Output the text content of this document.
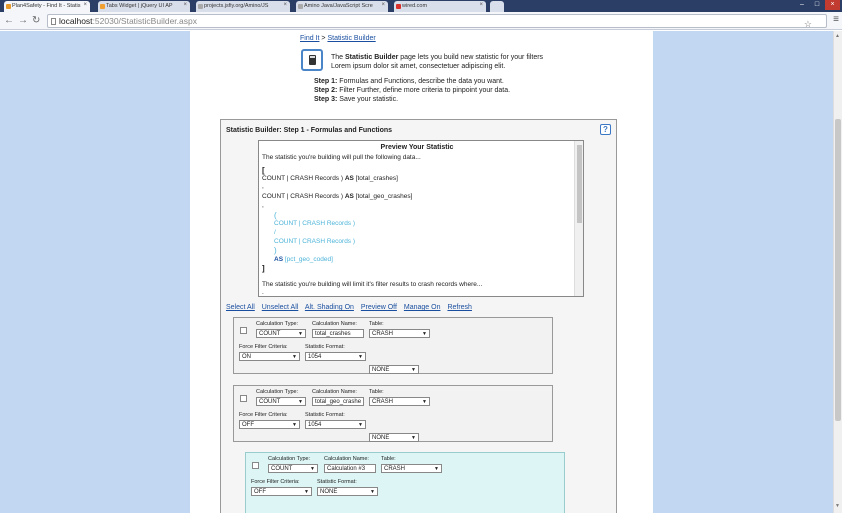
Plan4Safety - Find It - Statis ×	Tabs Widget | jQuery UI AP ×	projects.jsfiy.org/Amino/JS	×	Amino Java/JavaScript Scre ×	wired.com	×	–	□	×
← → ↻	localhost:52030/StatisticBuilder.aspx	☆ ≡
Find It > Statistic Builder
The Statistic Builder page lets you build new statistic for your filters Lorem ipsum dolor sit amet, consectetuer adipiscing elit.
Step 1: Formulas and Functions, describe the data you want.
Step 2: Filter Further, define more criteria to pinpoint your data.
Step 3: Save your statistic.
Statistic Builder: Step 1 - Formulas and Functions	?
Preview Your Statistic
The statistic you're building will pull the following data...
[
COUNT | CRASH Records ) AS [total_crashes]
,
COUNT | CRASH Records ) AS [total_geo_crashes]
,
(
COUNT | CRASH Records )
/
COUNT | CRASH Records )
)
AS [pct_geo_coded]
]
The statistic you're building will limit it's filter results to crash records where...
.
Select All Unselect All Alt. Shading On Preview Off Manage On Refresh
Calculation Type:
COUNT	▼
Calculation Name:
total_crashes
Table:
CRASH	▼
Force Filter Criteria:
ON	▼
Statistic Format:
1054	▼
NONE	▼
Calculation Type:
COUNT	▼
Calculation Name:
total_geo_crashe
Table:
CRASH	▼
Force Filter Criteria:
OFF	▼
Statistic Format:
1054	▼
NONE	▼
Calculation Type:
COUNT	▼
Calculation Name:
Calculation #3
Table:
CRASH	▼
Force Filter Criteria:
OFF	▼
Statistic Format:
NONE	▼
▲
▼
